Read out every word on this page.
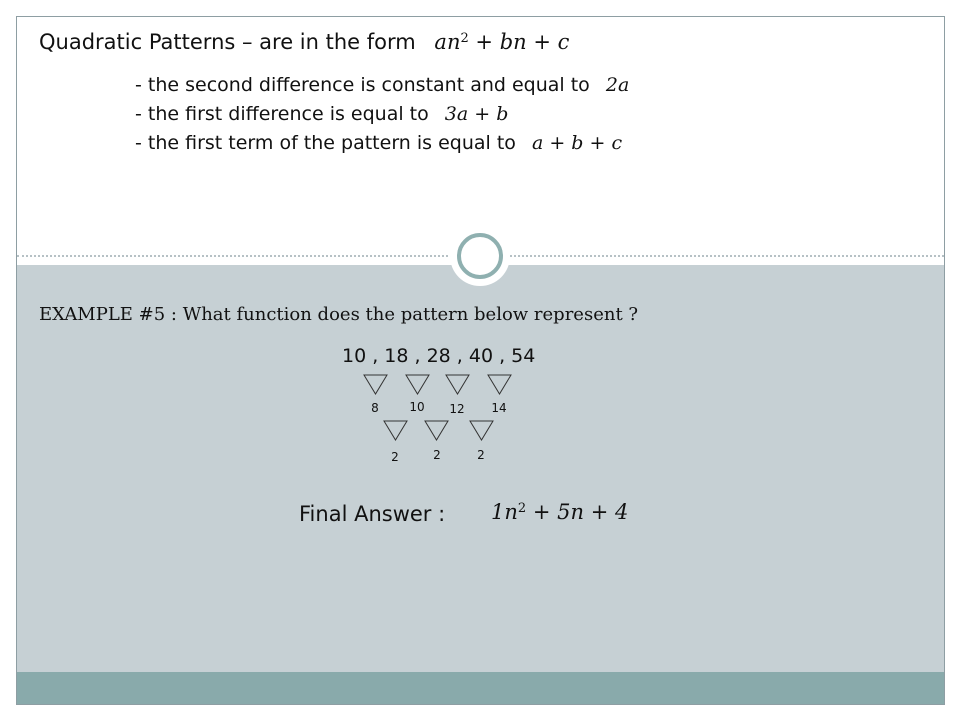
Quadratic Patterns – are in the form $an^2$ + bn + c
- the second difference is constant and equal to 2a
- the first difference is equal to 3a + b
- the first term of the pattern is equal to a + b + c
EXAMPLE #5 : What function does the pattern below represent ?
10 , 18 , 28 , 40 , 54
8	10 12 14
2	2	2
Final Answer : $1n^2 + 5n + 4$
